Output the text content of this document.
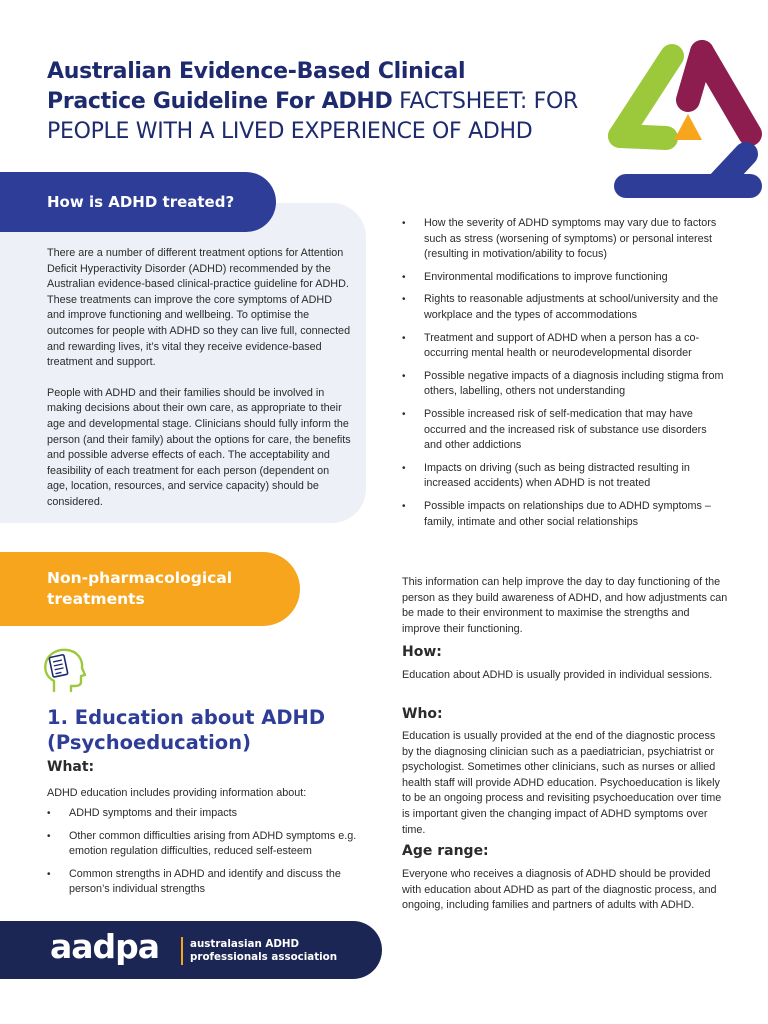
Australian Evidence-Based Clinical
Practice Guideline For ADHD FACTSHEET: FOR
PEOPLE WITH A LIVED EXPERIENCE OF ADHD
How is ADHD treated?

There are a number of different treatment options for Attention Deficit Hyperactivity Disorder (ADHD) recommended by the Australian evidence-based clinical-practice guideline for ADHD. These treatments can improve the core symptoms of ADHD and improve functioning and wellbeing. To optimise the outcomes for people with ADHD so they can live full, connected and rewarding lives, it’s vital they receive evidence-based treatment and support.

People with ADHD and their families should be involved in making decisions about their own care, as appropriate to their age and developmental stage. Clinicians should fully inform the person (and their family) about the options for care, the benefits and possible adverse effects of each. The acceptability and feasibility of each treatment for each person (dependent on age, location, resources, and service capacity) should be considered.

Non-pharmacological
treatments
1. Education about ADHD
(Psychoeducation)
What:
ADHD education includes providing information about:
• ADHD symptoms and their impacts
• Other common difficulties arising from ADHD symptoms e.g. emotion regulation difficulties, reduced self-esteem
• Common strengths in ADHD and identify and discuss the person’s individual strengths
• How the severity of ADHD symptoms may vary due to factors such as stress (worsening of symptoms) or personal interest (resulting in motivation/ability to focus)
• Environmental modifications to improve functioning
• Rights to reasonable adjustments at school/university and the workplace and the types of accommodations
• Treatment and support of ADHD when a person has a co-occurring mental health or neurodevelopmental disorder
• Possible negative impacts of a diagnosis including stigma from others, labelling, others not understanding
• Possible increased risk of self-medication that may have occurred and the increased risk of substance use disorders and other addictions
• Impacts on driving (such as being distracted resulting in increased accidents) when ADHD is not treated
• Possible impacts on relationships due to ADHD symptoms – family, intimate and other social relationships
This information can help improve the day to day functioning of the person as they build awareness of ADHD, and how adjustments can be made to their environment to maximise the strengths and improve their functioning.
How:
Education about ADHD is usually provided in individual sessions.
Who:
Education is usually provided at the end of the diagnostic process by the diagnosing clinician such as a paediatrician, psychiatrist or psychologist. Sometimes other clinicians, such as nurses or allied health staff will provide ADHD education. Psychoeducation is likely to be an ongoing process and revisiting psychoeducation over time is important given the changing impact of ADHD symptoms over time.
Age range:
Everyone who receives a diagnosis of ADHD should be provided with education about ADHD as part of the diagnostic process, and ongoing, including families and partners of adults with ADHD.
aadpa	australasian ADHD
professionals association
